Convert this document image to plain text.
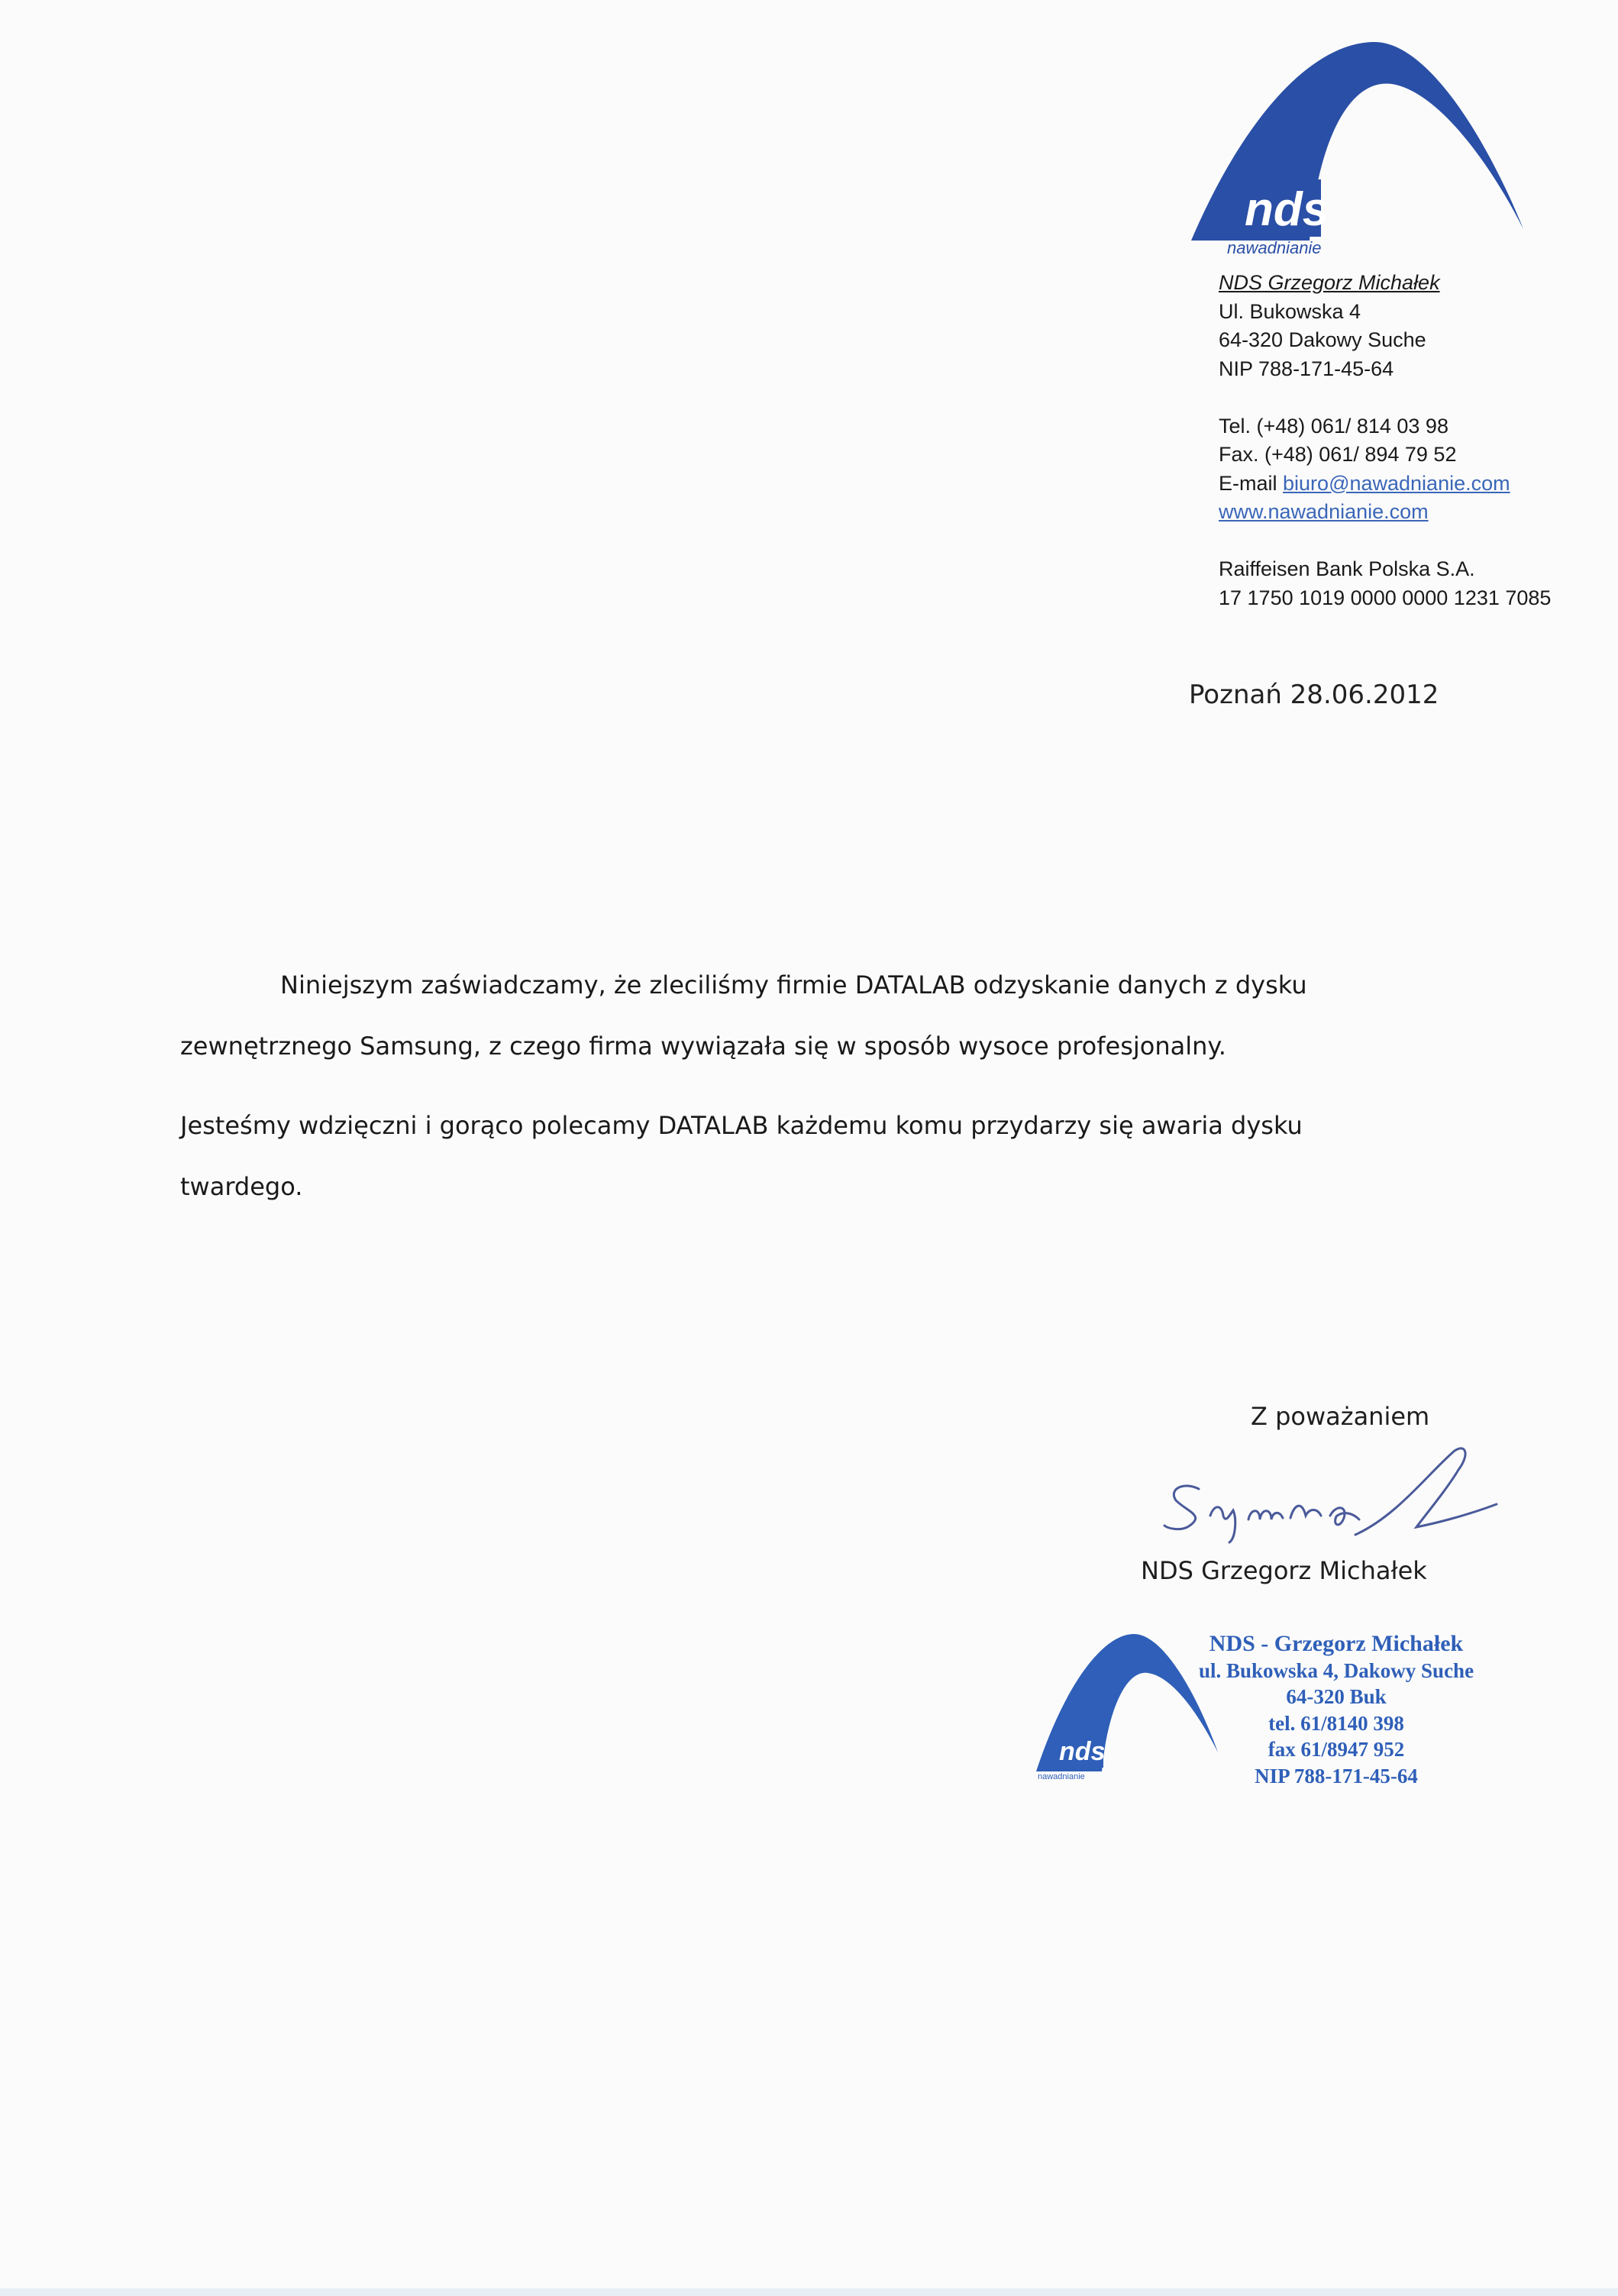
nds
nawadnianie
NDS Grzegorz Michałek
Ul. Bukowska 4
64-320 Dakowy Suche
NIP 788-171-45-64
Tel. (+48) 061/ 814 03 98
Fax. (+48) 061/ 894 79 52
E-mail biuro@nawadnianie.com
www.nawadnianie.com
Raiffeisen Bank Polska S.A.
17 1750 1019 0000 0000 1231 7085
Poznań 28.06.2012

Niniejszym zaświadczamy, że zleciliśmy firmie DATALAB odzyskanie danych z dysku zewnętrznego Samsung, z czego firma wywiązała się w sposób wysoce profesjonalny.

Jesteśmy wdzięczni i gorąco polecamy DATALAB każdemu komu przydarzy się awaria dysku twardego.

Z poważaniem
NDS Grzegorz Michałek
nds
nawadnianie
NDS - Grzegorz Michałek
ul. Bukowska 4, Dakowy Suche
64-320 Buk
tel. 61/8140 398
fax 61/8947 952
NIP 788-171-45-64
